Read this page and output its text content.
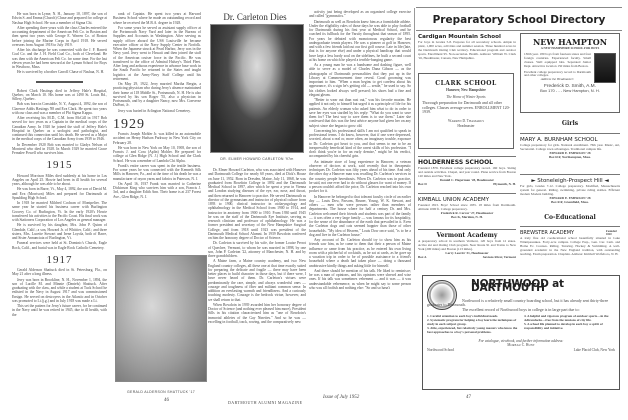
He was born in Lyme, N. H., January 10, 1897, the son of Edwin S. and Emma (Church) Chase and prepared for college at Nashua High School. He was a member of Sigma Chi.

After spending three years with the class Charles entered the accounting department of the American Felt Co. in Boston and then spent two years with George E. Warren Co. of Boston before joining the Marine Corps in April 1918. He served overseas from August 1918 to July 1919.

After his discharge he was connected with the J. F. Barrett Coal Co. and the J. H. Field Coal Co., both of Cleveland. He was then with the American Felt Co. for some time. For the last eleven years he had been steward at the Lyman School for Boys in Westboro, Mass.

He is survived by a brother Carroll Chase of Nashua, N. H.

Robert Clark Hastings died in Jeffery Hale's Hospital, Quebec, on March 10. His home was at 1490 St. Louis Rd., Sillery, Quebec.

Bob was born in Constable, N. Y., August 4, 1892, the son of Clarence Addis Hastings '88 and Eva Clark. He spent two years with our class and was a member of Phi Sigma Kappa.

After receiving his M.D., C.M. from McGill in 1917 Bob served for two years as a Captain in the medical corps of the Canadian Army. In 1920 he joined the staff of Jeffery Hale's Hospital in Quebec as a urologist and pathologist, and continued this connection until his death. He served as a Major in the medical corps of the Canadian Army from 1939 to 1946.

In December 1920 Bob was married to Gladys Nelson of Montreal who died in 1928. In March 1929 he married Grace Fernalee Powell who survives him.

1915

Howard Morrison Miles died suddenly at his home in Los Angeles on April 25. Howie had been in ill health for several years, although he was able to be about.

He was born in Barre, Vt., May 4, 1892, the son of David M. and Eva (Morrison) Miles and prepared for Dartmouth at Spaulding High School.

In 1918 he married Mildred Cochran of Montpelier. The same year he started his business career with Burlington Grocery Co. of Burlington, Vt. In the early 1920's Howie transferred his activities to the Pacific Coast. His final work was with Stationers Corporation of Los Angeles as general manager.

He is survived by his daughter, Mrs. John P. Quinn of Glendale, Calif.; a son, Howard Jr. of Whittier, Calif.; and three sisters, Mrs. Lucette Stewart and Irene Loyola, both of Barre, and Sister Annunciata of Burlington, Vt.

Funeral services were held at St. Dominic's Church, Eagle Rock, Calif., and burial was in Eagle Rock Catholic Cemetery.

1917

Gerald Alderson Shattuck died in St. Petersburg, Fla., on May 21 after a long illness.

Jerry was born in Brookline, N. H., November 1, 1894, the son of Lucille M. and Minnie (Daniels) Shattuck. After graduating with the class, and while a student at Tuck School he enlisted in the Navy in August 1917 and was commissioned Ensign. He served on destroyers in the Atlantic and in October was promoted to Lt.(j.g.) and in July 1918 was made a Lt.

This set the pattern for Jerry's future career, for he continued in the Navy until he was retired in 1945, due to ill health, with the

rank of Captain. He spent two years at Harvard Business School where he made an outstanding record and where he received the M.B.A. degree in 1928.

For some years he served as assistant supply officer at the Portsmouth Navy Yard and later in the Bureau of Supplies and Accounts in Washington. After serving as supply officer aboard the USS Louisville he became executive officer at the Navy Supply Center in Norfolk. When the Japanese struck at Pearl Harbor, Jerry was in the Navy yard. Jerry went to Hawaii and then joined the staff of the American cruiser force in the Pacific. He was transferred to the office of Admiral Halsey's Third Fleet. After long and arduous experience in advance base work in the South Pacific he returned to the States and taught logistics at the Army-Navy Staff College until his retirement.

On May 29, 1922, Jerry married Martha Bergin, a practicing physician who during Jerry's absence maintained their home at 118 Middle St., Portsmouth, N. H. He is also survived by his son Roger '55, also a physician in Portsmouth, and by a daughter Nancy, now Mrs. Converse DuPont, Jr.

Jerry was buried in Arlington National Cemetery.

1929

Francis Joseph Mohler Jr. was killed in an automobile accident on Henry Hudson Parkway in New York City on February 28.

He was born in New York on May 10, 1908, the son of Francis J. and Cora (Aplin) Mohler. He prepared for college at Glen Ridge (N. J.) High School and the Clark School. He was a member of Lambda Chi Alpha.

Frank's entire career was spent in the textile business. For some years he was connected with the Kenneth Silk Mills in Hanover, Pa., and at the time of his death he was a manufacturer of rayon yarns and fabrics in Paterson, N. J.

On April 16, 1937 Frank was married to Catherine Dickinson King who survives him with a son, Francis J. 3rd, and a daughter Edith Ann. Their home is at 237 Forest Ave., Glen Ridge, N. J.

GERALD ALDERSON SHATTUCK '17
Dr. Carleton Dies
DR. ELMER HOWARD CARLETON '97m

Dr. Elmer Howard Carleton, who was associated with Hanover and Dartmouth College for nearly 60 years, died at Dick's House on June 11, 1952. Born in Dresden, Maine, July 11, 1868, he was graduated from Bowdoin College in 1892 and the Dartmouth Medical School in 1897, after which he spent a year in Vienna and London studying diseases of the eye, ear, nose, and throat, and then returned to Hanover to practice. He served Dartmouth as director of the gymnasium and instructor of physical culture from 1893 to 1900, clinical instructor in otolaryngology and ophthalmology in the Medical School from 1900 to 1914, and instructor in anatomy from 1900 to 1910. From 1930 until 1945 he was on the staff of the Dartmouth Eye Institute, serving as research clinician and professor of ophthalmology. He was a former president and secretary of the New Hampshire Surgical College, and from 1918 until 1923 was president of the Dartmouth Medical School Alumni. In 1939 Bowdoin conferred on him the honorary degree of Doctor of Science.

Dr. Carleton is survived by his wife, the former Louise Perrot of Quechee, Vermont, to whom he was married in 1898, by one son, John P. Carleton '22, attorney of Manchester, N. H. and by three grandchildren.

A Maine farm, a Maine country academy, and two New England country colleges, all these one at that time exactly suited for preparing the delicate and fragile — there may have been better places to build character in those days, but if there were, I have never heard of them. Dr. Carleton's virtues were predominantly the rare, simple, and always wonderful ones — courage and toughness of fiber and militant common sense. In addition an everlasting warmth and friendliness. And a curiously touching modesty. Courage is the bedrock virtue, however, and we shall return to that.

When Bowdoin in 1939 awarded him her honorary degree of Doctor of Science (and nothing ever pleased him more), President Sills in his citation characterized him as "one of Bowdoin's immortal athletes of the Gay Nineties." And so he was — excelling in football, track, rowing, and the comparatively new

46	DARTMOUTH ALUMNI MAGAZINE

activity just being developed as an organized college exercise and called "gymnastics."

Dartmouth as well as Bowdoin knew him as a formidable athlete. Under the eligibility rules of those days he was able to play football for Dartmouth during his first year at Medical School, and he coached its fullback for the Varsity throughout that season of 1895. For years he debated with monotonous regularity the best undergraduate tennis players. He was a pioneer at golf in Hanover, and with a few friends laid out our first golf course. Late in life (late, that is for anyone else) and under a physical handicap that would have kept a less hardy soul on the sidelines, he built a second court at his home on which he played a terrible-banging game.

As a young man he was a handsome and dashing figure, well able to serve as a model of Charles Dana Gibson — as the photographs of Dartmouth personalities that they put up in the Library at Commencement time reveal. Good grooming was important to him. "When a man begins to get careless about his appearance, it's a sign he's getting old — senile," he used to say. So his clothes looked always well pressed; his shoes had a fine and elegant gleam.

"Better to wear out than rust out," was his favorite maxim. He applied it not only to himself but urged it as a principle of life for his patients. An elderly woman who asked him what to do in order to save her eyes was startled by his reply: "What do you want to save them for? The best way to save them is to use them." Later she confessed that this was the best advice anyone had given her on any subject since she began to grow old.

Concerning his professional skills I am not qualified to speak in professional terms. I do know, however, that if one were depressed, worried, about a real or, more often, an imaginary trouble, exposure to Dr. Carleton got heart to you, and that seems to me to be an inexpressibly beneficial kind of the rarest skills of his profession. "I don't think you're in for an early demise," might be his verdict, accompanied by his cheerful grin.

An intimate store of long experience in Hanover, a veteran observer of doctors at work, said recently that in therapeutic techniques Dr. Carleton was fifty years ahead of his time. And only the other day a Hanover man was recalling Dr. Carleton's services in the country people hereabouts. When Dr. Carleton was in practice, he said, not one ever had to do without glasses for want of money. If a person couldn't afford the price, Dr. Carleton reached into his own pocket for it.

In Hanover he belonged to that tolerant faculty circle of an earlier day — Louis Dow, Parsons, Bruner, Young, W. K. Stewart, and others — men who were persons rather than members of departments. The house where for half a century Dr. and Mrs. Carleton welcomed their friends and students was part of the family — it was often a very large family — was famous for its hospitality, for the sense of the abundance of the earth that prevailed in it. Even the Carleton dogs and cats seemed happier than those of other households. "My idea of Heaven," Louis Dow once said, "is to be a dog and live in the Carleton house."

Any account of Dr. Carleton should try to show him as his friends saw him, as he came to them that their a person of Maine influence or came from his practice, as he entered his own living room with a pitcherful of cocktails, as he sat at cards, as he gave up a vacation trip in order to be of possible assistance to a friend's household where a death had taken place — doing a thousand unobtrusive kindly things and asking little for himself.

And there should be mention of his talk. He liked to reminisce; he was a man of opinions, and his opinions were shrewd and wise ones. If his talk was sometimes vehement — and it was — it was understandable vehemence, as when he might say to some person who was all foolish and nothing else: "So and so hasn't

Issue of July 1952	47
Preparatory School Directory
Cardigan Mountain School
For boys in Grades 5-8. Prepares for all secondary schools. Ample in plant, 1,000 acres, activities and summer session. Three hundred acres in the Dartmouth Outing Club territory. Educational program and outdoor sports. Enrollment 95. Non-sectarian. Health. Address: William W. Clark '16, Headmaster, Canaan, New Hampshire.
CLARK SCHOOL
Hanover, New Hampshire
The Home of Winter Sports
Thorough preparation for Dartmouth and all other colleges. Classes average seven. ENROLLMENT 120-1939.
Warren D. Thamarus
Headmaster
HOLDERNESS SCHOOL
Founded 1879. Excellent college preparatory record. 160 boys. Skiing and outside activities. Chapel, and year round. Plane service from Boston 120 miles and New York.
Donald C. Hagerman '28, Headmaster
Box D	Plymouth, N. H.
KIMBALL UNION ACADEMY
Founded 1813. Boys' School since 1935. 18 miles from Dartmouth. Altitude 1000 ft. College preparatory.
Frederick R. Carver '27, Headmaster
Box K, Meriden, N. H.
Vermont Academy
A preparatory school in southern Vermont, 120 boys from 12 states. Active ski and Outing Club program. Near Route 91 and Trains to New York (200 miles) and Boston (113 miles).
Larry Leavitt '31, Headmaster
Box A	Saxtons River, Vermont
NEW HAMPTON
A NEW HAMPSHIRE SCHOOL FOR BOYS
136th year. 180 boys from fourteen states and four foreign countries. Experienced faculty. Small classes. Well equipped labs. Separated Junior Dept. Attractive location 150 miles from Boston.
Excellent college preparatory record to Dartmouth and other colleges.
Address the Headmaster:
Frederick D. Smith, A.M.
Box 170 - - - New Hampton, N. H.
Girls
MARY A. BURNHAM SCHOOL
College preparatory for girls. National enrollment. 76th year. Music, Art, Secretarial. College town advantages. Traditional campus life.
EDWARD E. EMERSON '28
Box 61F, Northampton, Mass.
► Stoneleigh-Prospect Hill ◄
For girls, Grades 7-12. College preparatory. Modified, Massachusetts system for general. Riding, swimming, private riding stables. Efficient modern Modern building.
EDWARD E. EMERSON '28
Box 61F, Greenfield, Mass.
Co-Educational
BREWSTER ACADEMY	Founded 1820
A truly fine old coeducational school beautifully situated in Lake Winnipesaukee. Forty-acre campus. College Prep., Gen. Cur. Cem. and Home Ec. Courses. Riding. Tutoring. Hockey & Swimming. A well-grounded academic in the New England tradition, with outstanding teaching. Exam preparation. Chaplain. Address: Kimball Wolfeboro, N. H.
NORTHWOOD at DARTMOUTH
Northwood is a relatively small country boarding school, but it has already sent thirty-three graduates to Dartmouth.
The excellent record of Northwood boys in college is in large part due to:
1. Careful attention to each boy's individual needs.
2. Systematic program for helping a boy learn the techniques of study in each subject group.
3. Able, experienced, but relatively young masters who know the best approaches to a boy's personal problems.
4. A helpful and vigorous program of outdoor sports—in the Adirondacks—free from the tensions of city life.
5. A school life planned to develop in each boy a spirit of responsibility and initiative.
For catalogue, viewbook, and further information address:
Moreau C. Hunt
Northwood School	Lake Placid Club, New York
